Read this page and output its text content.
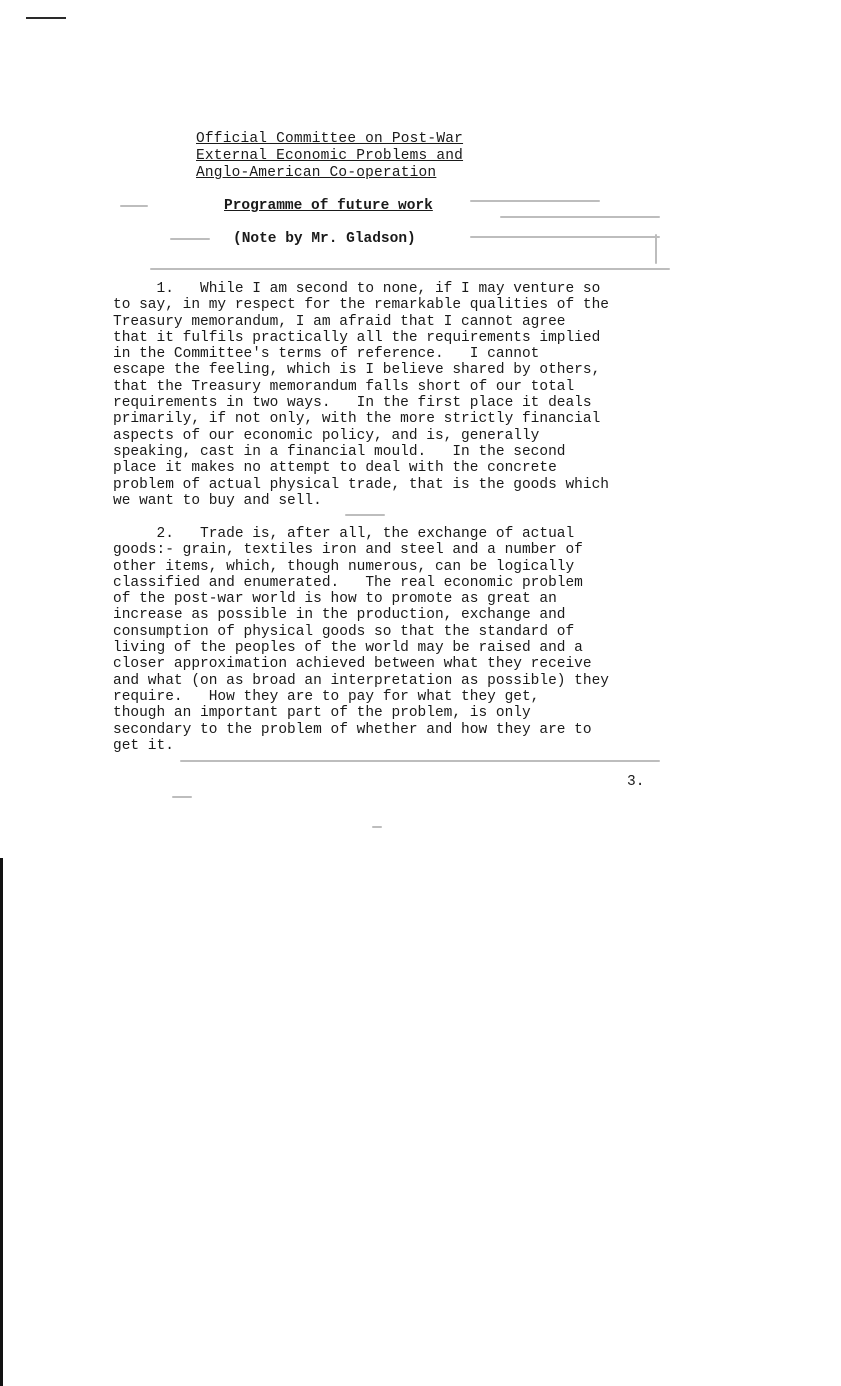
Official Committee on Post-War
External Economic Problems and
Anglo-American Co-operation
Programme of future work
(Note by Mr. Gladson)
1.   While I am second to none, if I may venture so
to say, in my respect for the remarkable qualities of the
Treasury memorandum, I am afraid that I cannot agree
that it fulfils practically all the requirements implied
in the Committee's terms of reference.   I cannot
escape the feeling, which is I believe shared by others,
that the Treasury memorandum falls short of our total
requirements in two ways.   In the first place it deals
primarily, if not only, with the more strictly financial
aspects of our economic policy, and is, generally
speaking, cast in a financial mould.   In the second
place it makes no attempt to deal with the concrete
problem of actual physical trade, that is the goods which
we want to buy and sell.
2.   Trade is, after all, the exchange of actual
goods:- grain, textiles iron and steel and a number of
other items, which, though numerous, can be logically
classified and enumerated.   The real economic problem
of the post-war world is how to promote as great an
increase as possible in the production, exchange and
consumption of physical goods so that the standard of
living of the peoples of the world may be raised and a
closer approximation achieved between what they receive
and what (on as broad an interpretation as possible) they
require.   How they are to pay for what they get,
though an important part of the problem, is only
secondary to the problem of whether and how they are to
get it.
3.
